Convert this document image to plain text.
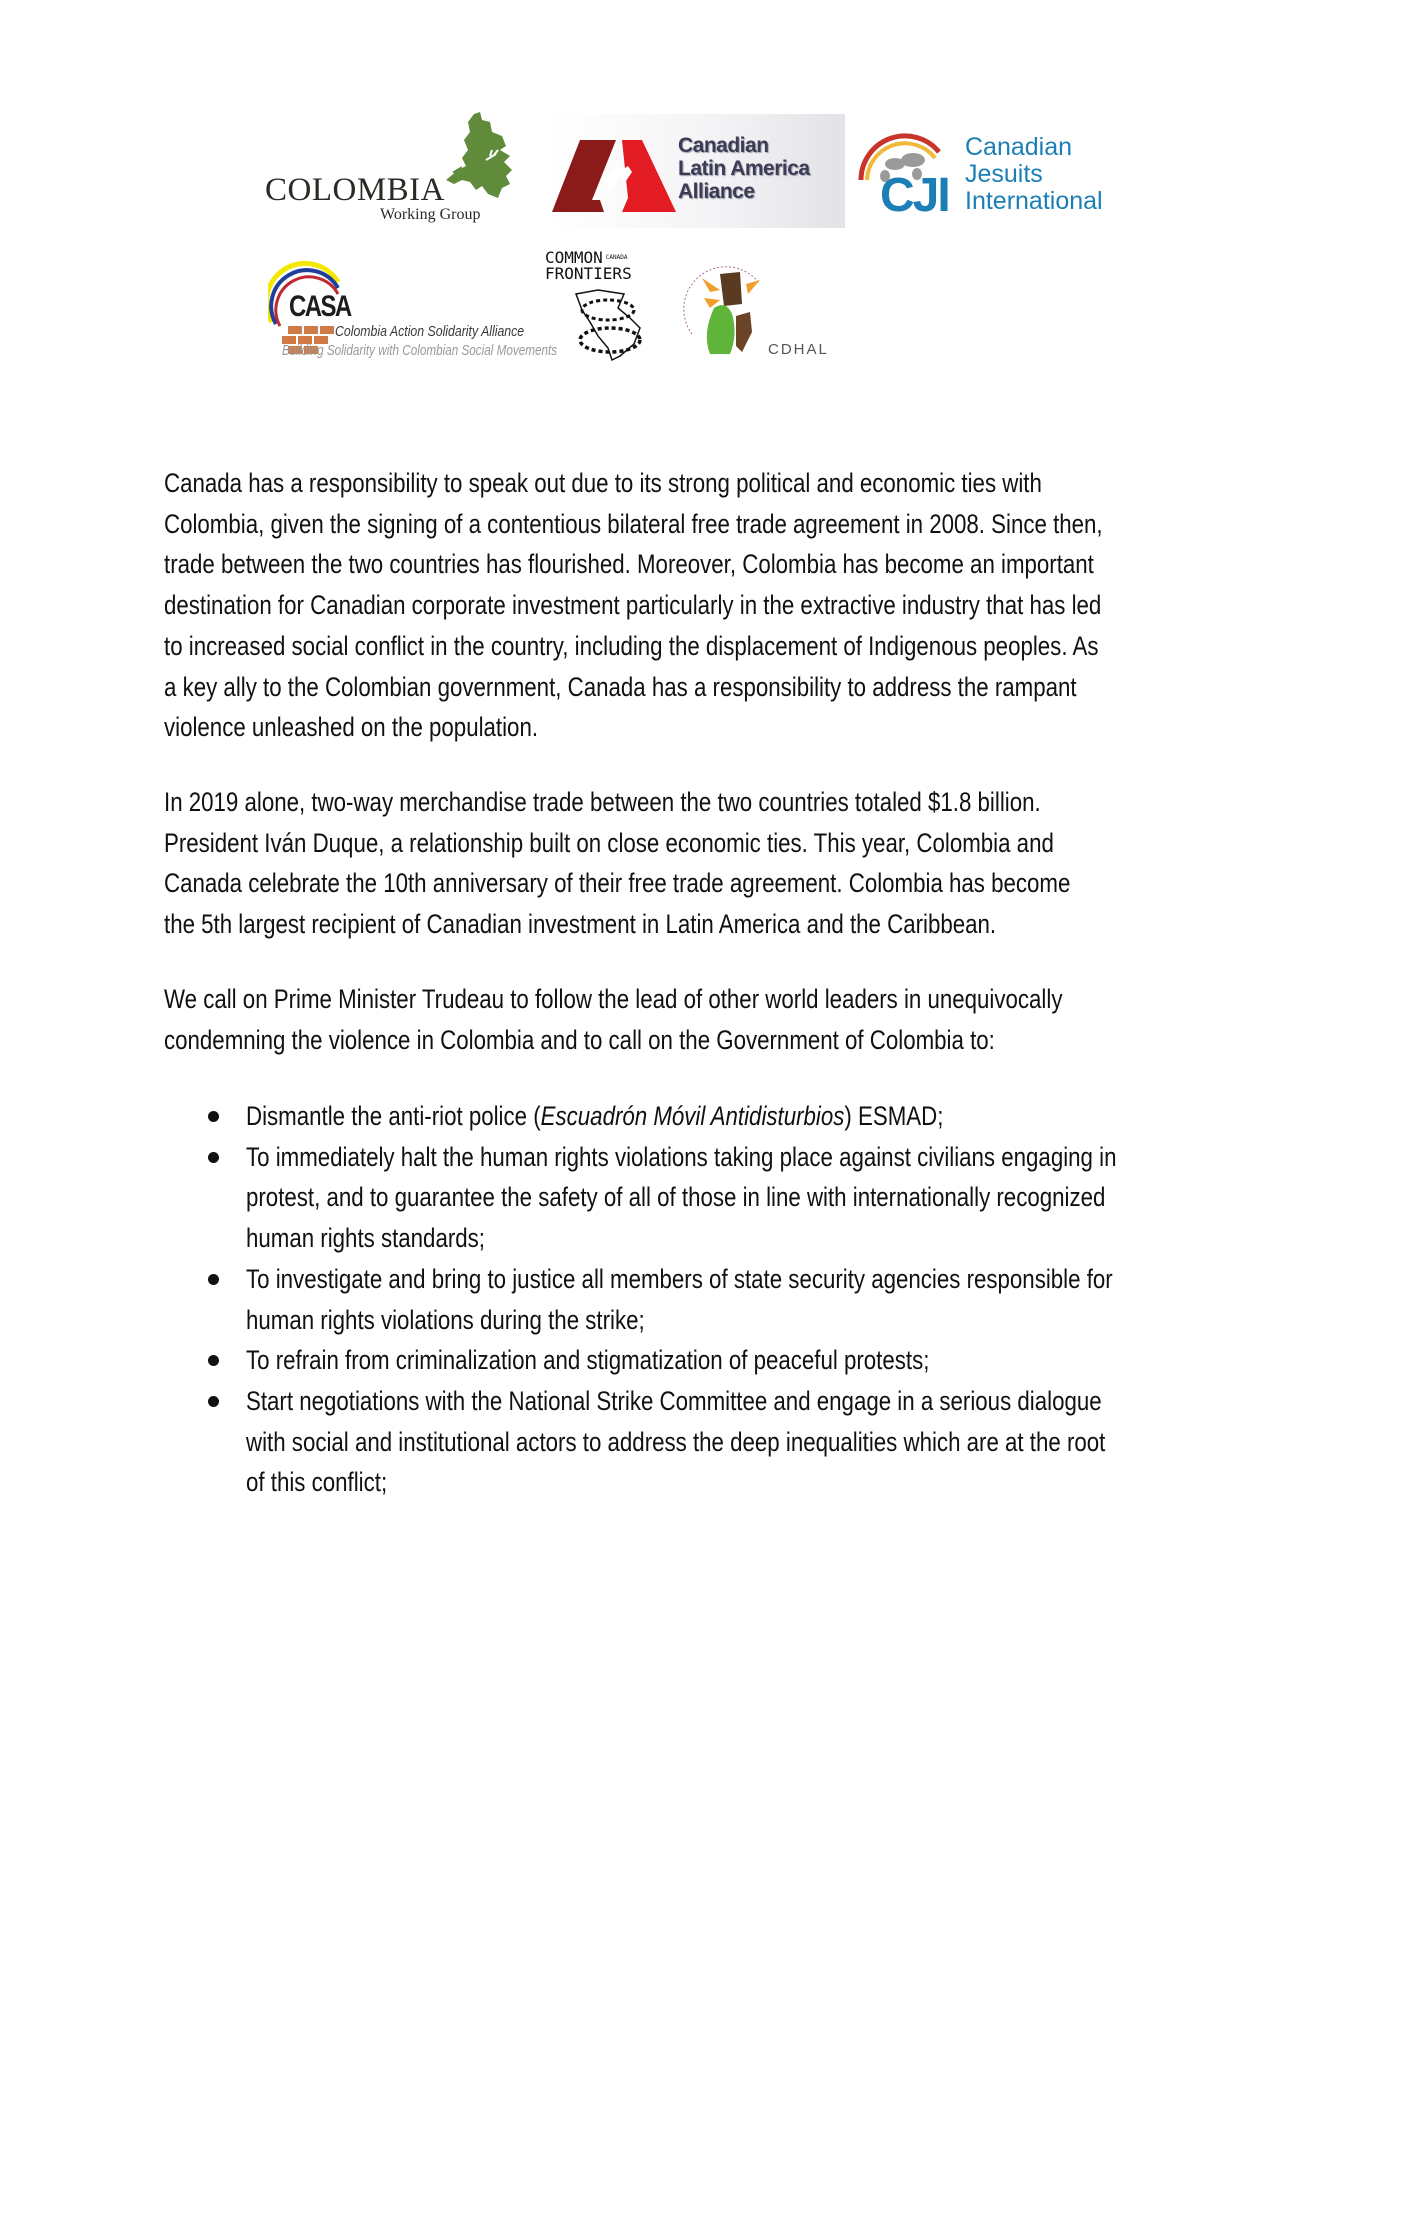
COLOMBIA
Working Group
Canadian
Latin America
Alliance	CJI
Canadian
Jesuits
International
CASA
Colombia Action Solidarity Alliance
Building Solidarity with Colombian Social Movements
COMMON $^{CANADA}$
FRONTIERS
CDHAL
Canada has a responsibility to speak out due to its strong political and economic ties with
Colombia, given the signing of a contentious bilateral free trade agreement in 2008. Since then,
trade between the two countries has flourished. Moreover, Colombia has become an important
destination for Canadian corporate investment particularly in the extractive industry that has led
to increased social conflict in the country, including the displacement of Indigenous peoples. As
a key ally to the Colombian government, Canada has a responsibility to address the rampant
violence unleashed on the population.
In 2019 alone, two-way merchandise trade between the two countries totaled $1.8 billion.
President Iván Duque, a relationship built on close economic ties. This year, Colombia and
Canada celebrate the 10th anniversary of their free trade agreement. Colombia has become
the 5th largest recipient of Canadian investment in Latin America and the Caribbean.
We call on Prime Minister Trudeau to follow the lead of other world leaders in unequivocally
condemning the violence in Colombia and to call on the Government of Colombia to:
Dismantle the anti-riot police (Escuadrón Móvil Antidisturbios) ESMAD;
To immediately halt the human rights violations taking place against civilians engaging in
protest, and to guarantee the safety of all of those in line with internationally recognized
human rights standards;
To investigate and bring to justice all members of state security agencies responsible for
human rights violations during the strike;
To refrain from criminalization and stigmatization of peaceful protests;
Start negotiations with the National Strike Committee and engage in a serious dialogue
with social and institutional actors to address the deep inequalities which are at the root
of this conflict;
